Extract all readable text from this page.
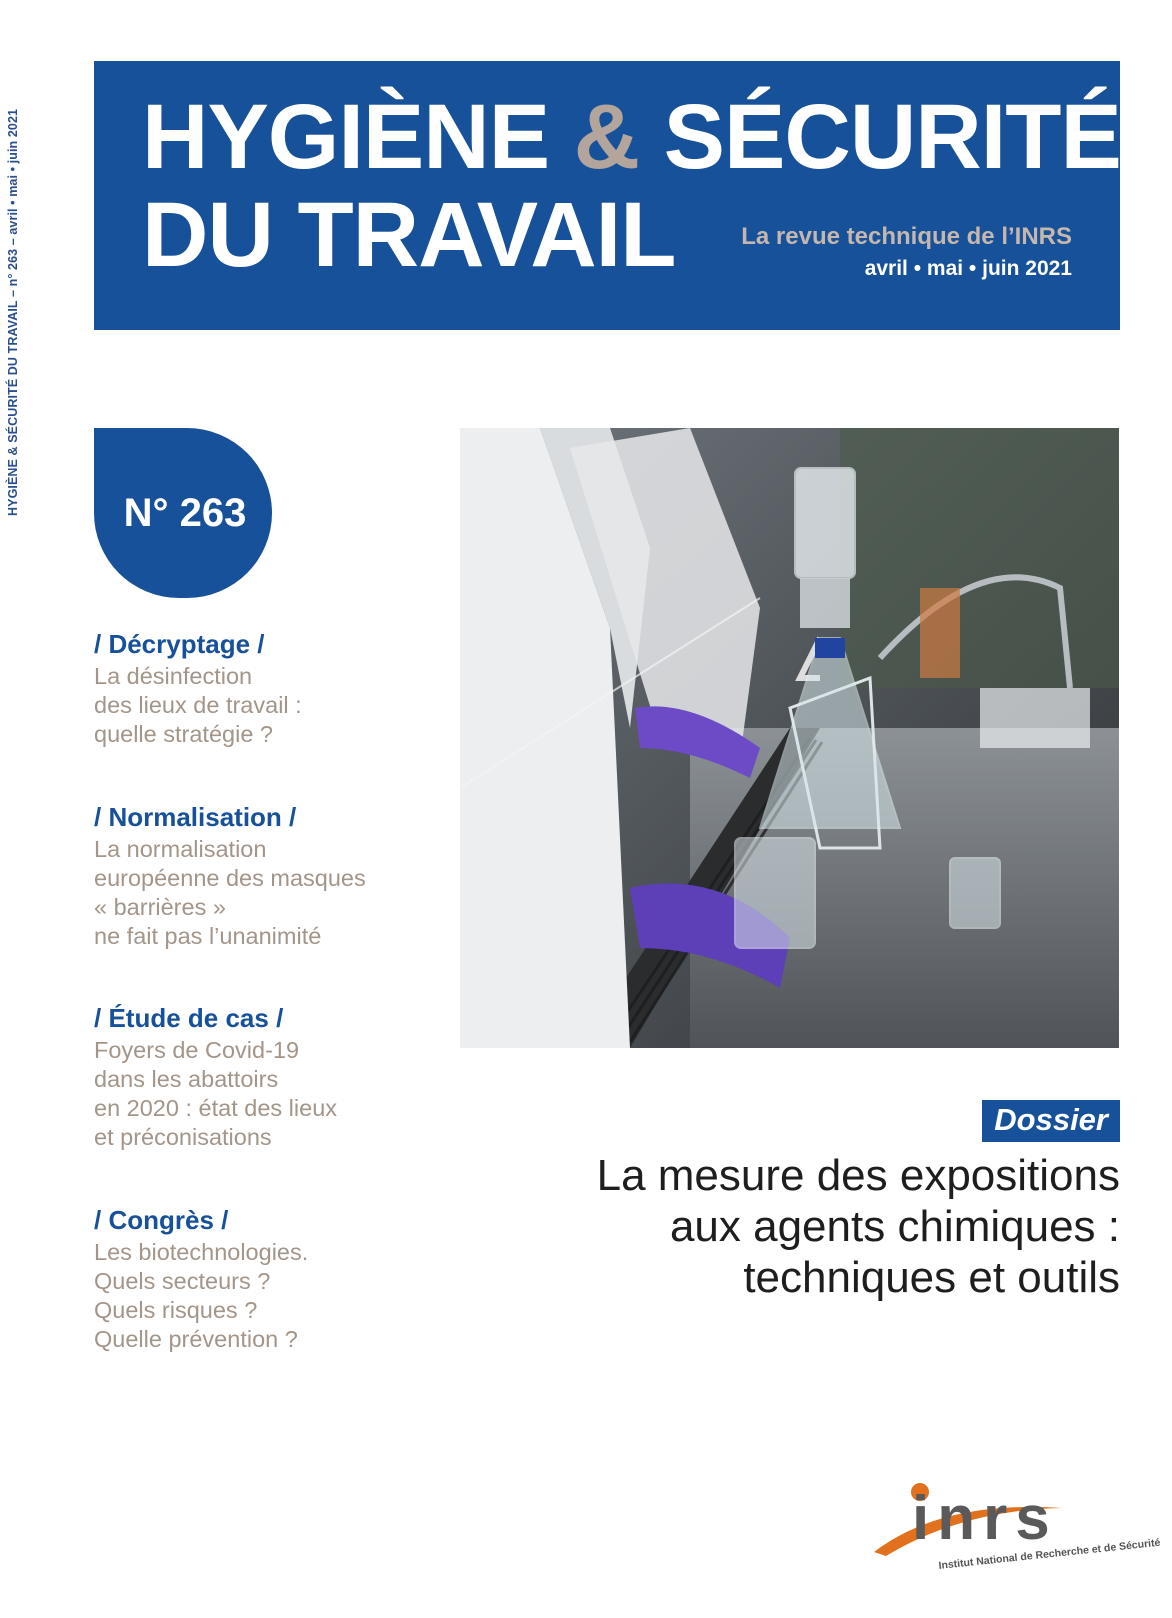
HYGIÈNE & SÉCURITÉ DU TRAVAIL – n° 263 – avril • mai • juin 2021 HYGIÈNE & SÉCURITÉ
DU TRAVAIL	La revue technique de l’INRS
avril • mai • juin 2021
N° 263
/ Décryptage /
La désinfection
des lieux de travail :
quelle stratégie ?
/ Normalisation /
La normalisation
européenne des masques
« barrières »
ne fait pas l’unanimité
/ Étude de cas /
Foyers de Covid-19
dans les abattoirs
en 2020 : état des lieux
et préconisations
/ Congrès /
Les biotechnologies.
Quels secteurs ?
Quels risques ?
Quelle prévention ?
Dossier
La mesure des expositions
aux agents chimiques :
techniques et outils
inrs
Institut National de Recherche et de Sécurité
